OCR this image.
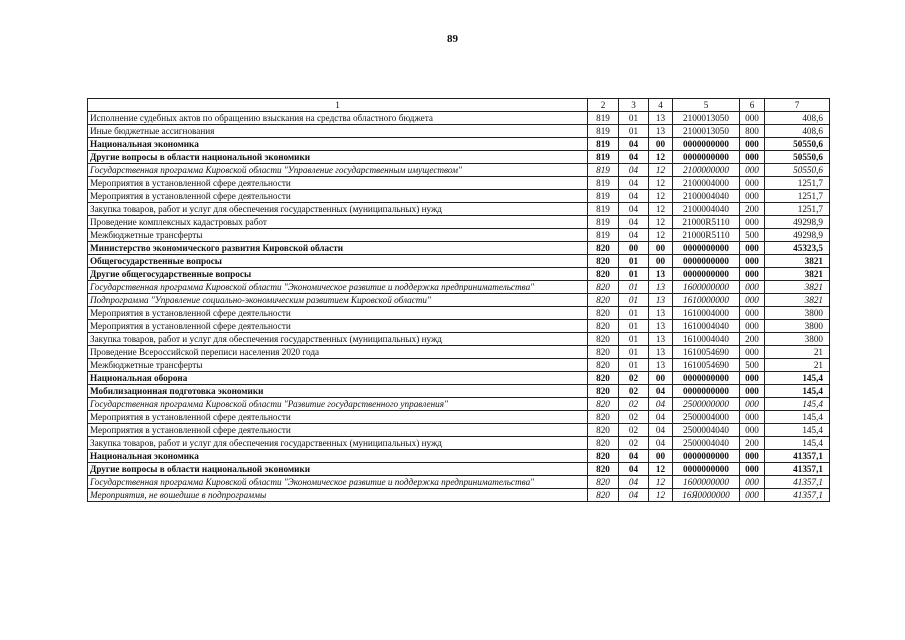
89
1	2	3	4	5	6	7
Исполнение судебных актов по обращению взыскания на средства областного бюджета	819	01	13	2100013050	000	408,6
Иные бюджетные ассигнования	819	01	13	2100013050	800	408,6
Национальная экономика	819	04	00	0000000000	000	50550,6
Другие вопросы в области национальной экономики	819	04	12	0000000000	000	50550,6
Государственная программа Кировской области "Управление государственным имуществом"	819	04	12	2100000000	000	50550,6
Мероприятия в установленной сфере деятельности	819	04	12	2100004000	000	1251,7
Мероприятия в установленной сфере деятельности	819	04	12	2100004040	000	1251,7
Закупка товаров, работ и услуг для обеспечения государственных (муниципальных) нужд	819	04	12	2100004040	200	1251,7
Проведение комплексных кадастровых работ	819	04	12	21000R5110	000	49298,9
Межбюджетные трансферты	819	04	12	21000R5110	500	49298,9
Министерство экономического развития Кировской области	820	00	00	0000000000	000	45323,5
Общегосударственные вопросы	820	01	00	0000000000	000	3821
Другие общегосударственные вопросы	820	01	13	0000000000	000	3821
Государственная программа Кировской области "Экономическое развитие и поддержка предпринимательства"	820	01	13	1600000000	000	3821
Подпрограмма "Управление социально-экономическим развитием Кировской области"	820	01	13	1610000000	000	3821
Мероприятия в установленной сфере деятельности	820	01	13	1610004000	000	3800
Мероприятия в установленной сфере деятельности	820	01	13	1610004040	000	3800
Закупка товаров, работ и услуг для обеспечения государственных (муниципальных) нужд	820	01	13	1610004040	200	3800
Проведение Всероссийской переписи населения 2020 года	820	01	13	1610054690	000	21
Межбюджетные трансферты	820	01	13	1610054690	500	21
Национальная оборона	820	02	00	0000000000	000	145,4
Мобилизационная подготовка экономики	820	02	04	0000000000	000	145,4
Государственная программа Кировской области "Развитие государственного управления"	820	02	04	2500000000	000	145,4
Мероприятия в установленной сфере деятельности	820	02	04	2500004000	000	145,4
Мероприятия в установленной сфере деятельности	820	02	04	2500004040	000	145,4
Закупка товаров, работ и услуг для обеспечения государственных (муниципальных) нужд	820	02	04	2500004040	200	145,4
Национальная экономика	820	04	00	0000000000	000	41357,1
Другие вопросы в области национальной экономики	820	04	12	0000000000	000	41357,1
Государственная программа Кировской области "Экономическое развитие и поддержка предпринимательства"	820	04	12	1600000000	000	41357,1
Мероприятия, не вошедшие в подпрограммы	820	04	12	16Я0000000	000	41357,1
